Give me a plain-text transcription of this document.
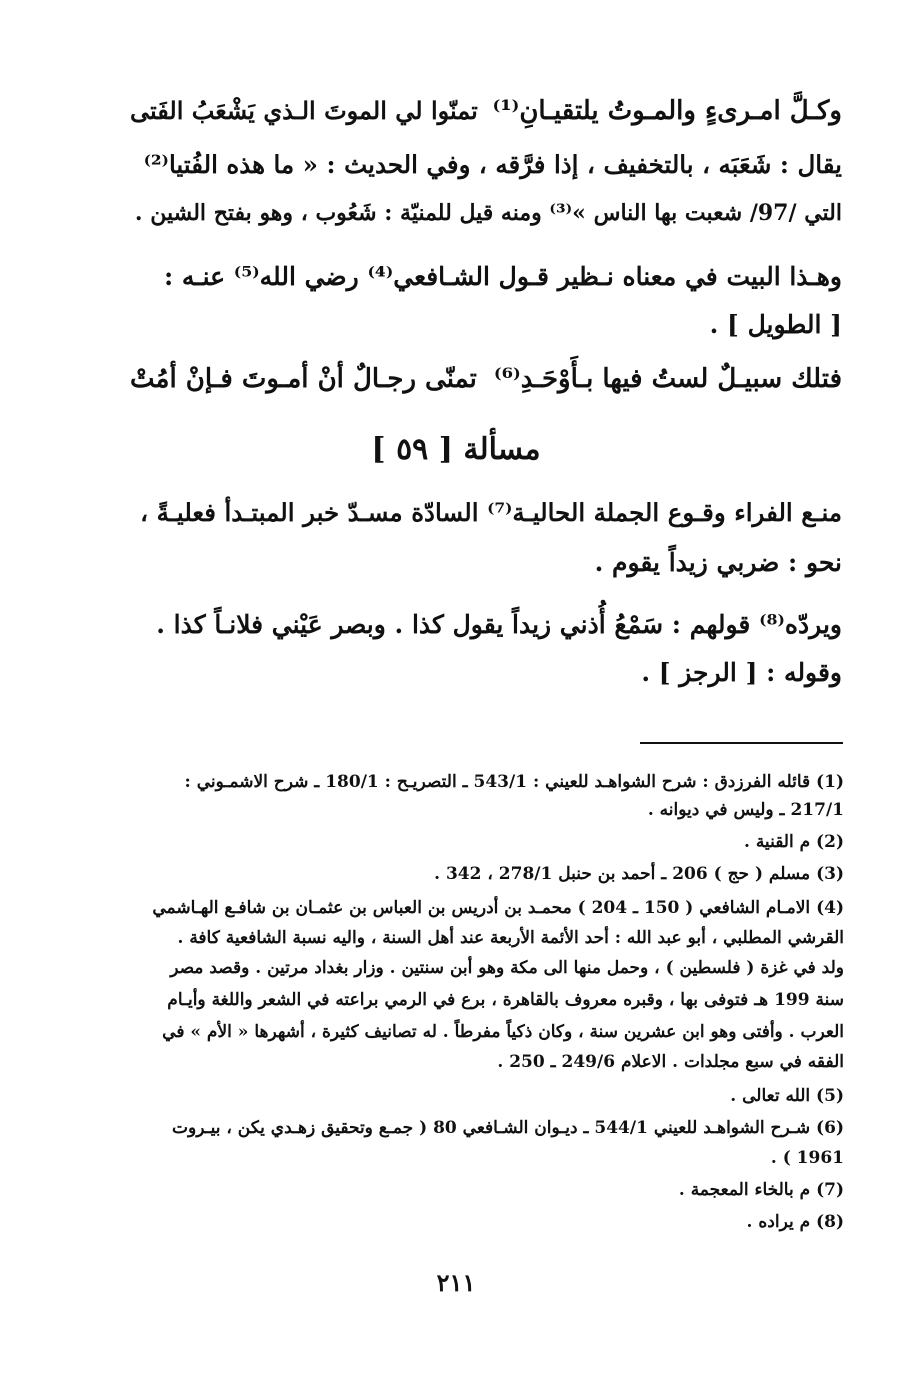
تمنّوا لي الموتَ الـذي يَشْعَبُ الفَتى وكـلَّ امـرىءٍ والمـوتُ يلتقيـانِ⁽¹⁾
يقال : شَعَبَه ، بالتخفيف ، إذا فرَّقه ، وفي الحديث : « ما هذه الفُتيا⁽²⁾
التي /97/ شعبت بها الناس »⁽³⁾ ومنه قيل للمنيّة : شَعُوب ، وهو بفتح الشين .
وهـذا البيت في معناه نـظير قـول الشـافعي⁽⁴⁾ رضي الله⁽⁵⁾ عنـه :
[ الطويل ] .
تمنّى رجـالٌ أنْ أمـوتَ فـإنْ أمُتْ فتلك سبيـلٌ لستُ فيها بـأَوْحَـدِ⁽⁶⁾
مسألة [ ٥٩ ]
منـع الفراء وقـوع الجملة الحاليـة⁽⁷⁾ السادّة مسـدّ خبر المبتـدأ فعليـةً ،
نحو : ضربي زيداً يقوم .
ويردّه⁽⁸⁾ قولهم : سَمْعُ أُذني زيداً يقول كذا . وبصر عَيْني فلانـاً كذا .
وقوله : [ الرجز ] .
(1) قائله الفرزدق : شرح الشواهـد للعيني : 543/1 ـ التصريـح : 180/1 ـ شرح الاشمـوني :
217/1 ـ وليس في ديوانه .
(2) م القنية .
(3) مسلم ( حج ) 206 ـ أحمد بن حنبل 278/1 ، 342 .
(4) الامـام الشافعي ( 150 ـ 204 ) محمـد بن أدريس بن العباس بن عثمـان بن شافـع الهـاشمي
القرشي المطلبي ، أبو عبد الله : أحد الأئمة الأربعة عند أهل السنة ، واليه نسبة الشافعية كافة .
ولد في غزة ( فلسطين ) ، وحمل منها الى مكة وهو أبن سنتين . وزار بغداد مرتين . وقصد مصر
سنة 199 هـ فتوفى بها ، وقبره معروف بالقاهرة ، برع في الرمي براعته في الشعر واللغة وأيـام
العرب . وأفتى وهو ابن عشرين سنة ، وكان ذكياً مفرطاً . له تصانيف كثيرة ، أشهرها « الأم » في
الفقه في سبع مجلدات . الاعلام 249/6 ـ 250 .
(5) الله تعالى .
(6) شـرح الشواهـد للعيني 544/1 ـ ديـوان الشـافعي 80 ( جمـع وتحقيق زهـدي يكن ، بيـروت
1961 ) .
(7) م بالخاء المعجمة .
(8) م يراده .
٢١١
